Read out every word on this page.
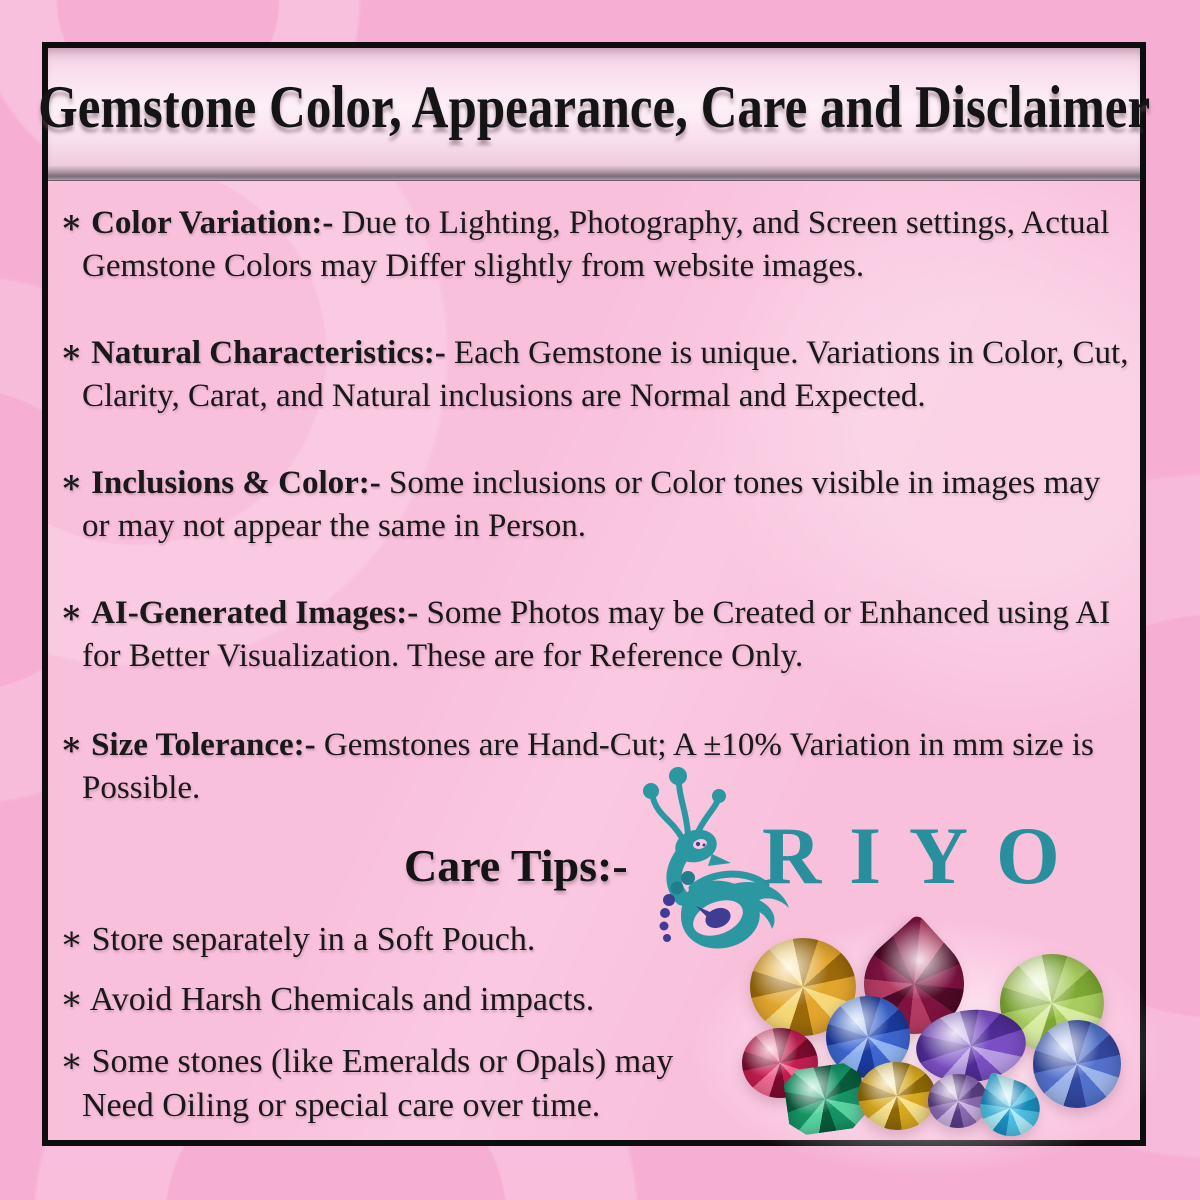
Gemstone Color, Appearance, Care and Disclaimer

∗ Color Variation:- Due to Lighting, Photography, and Screen settings, Actual Gemstone Colors may Differ slightly from website images.

∗ Natural Characteristics:- Each Gemstone is unique. Variations in Color, Cut, Clarity, Carat, and Natural inclusions are Normal and Expected.

∗ Inclusions & Color:- Some inclusions or Color tones visible in images may or may not appear the same in Person.

∗ AI-Generated Images:- Some Photos may be Created or Enhanced using AI for Better Visualization. These are for Reference Only.

∗ Size Tolerance:- Gemstones are Hand-Cut; A ±10% Variation in mm size is Possible.

Care Tips:- RIYO

∗ Store separately in a Soft Pouch.

∗ Avoid Harsh Chemicals and impacts.

∗ Some stones (like Emeralds or Opals) may Need Oiling or special care over time.
